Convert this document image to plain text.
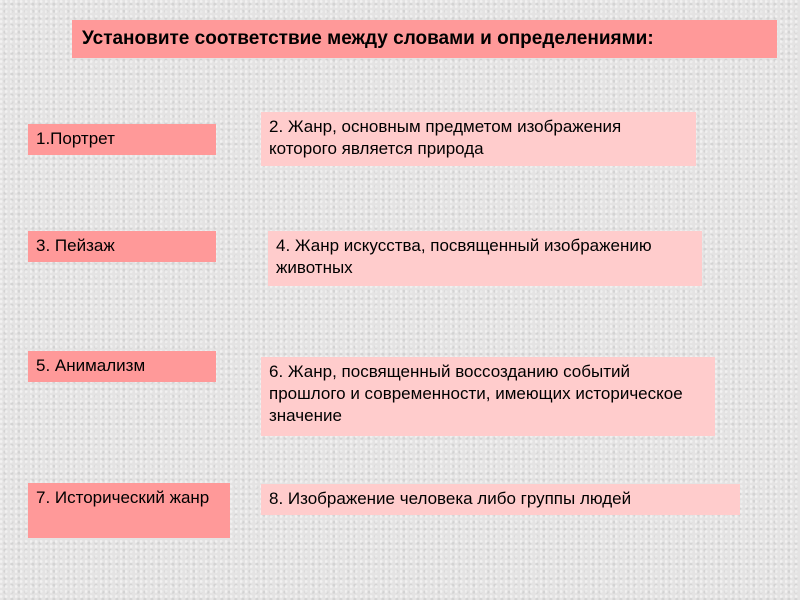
Установите соответствие между словами и определениями:
1.Портрет
3. Пейзаж
5. Анимализм
7. Исторический жанр
2. Жанр, основным предметом изображения которого является природа
4. Жанр искусства, посвященный изображению животных
6. Жанр, посвященный воссозданию событий прошлого и современности, имеющих историческое значение
8. Изображение человека либо группы людей
